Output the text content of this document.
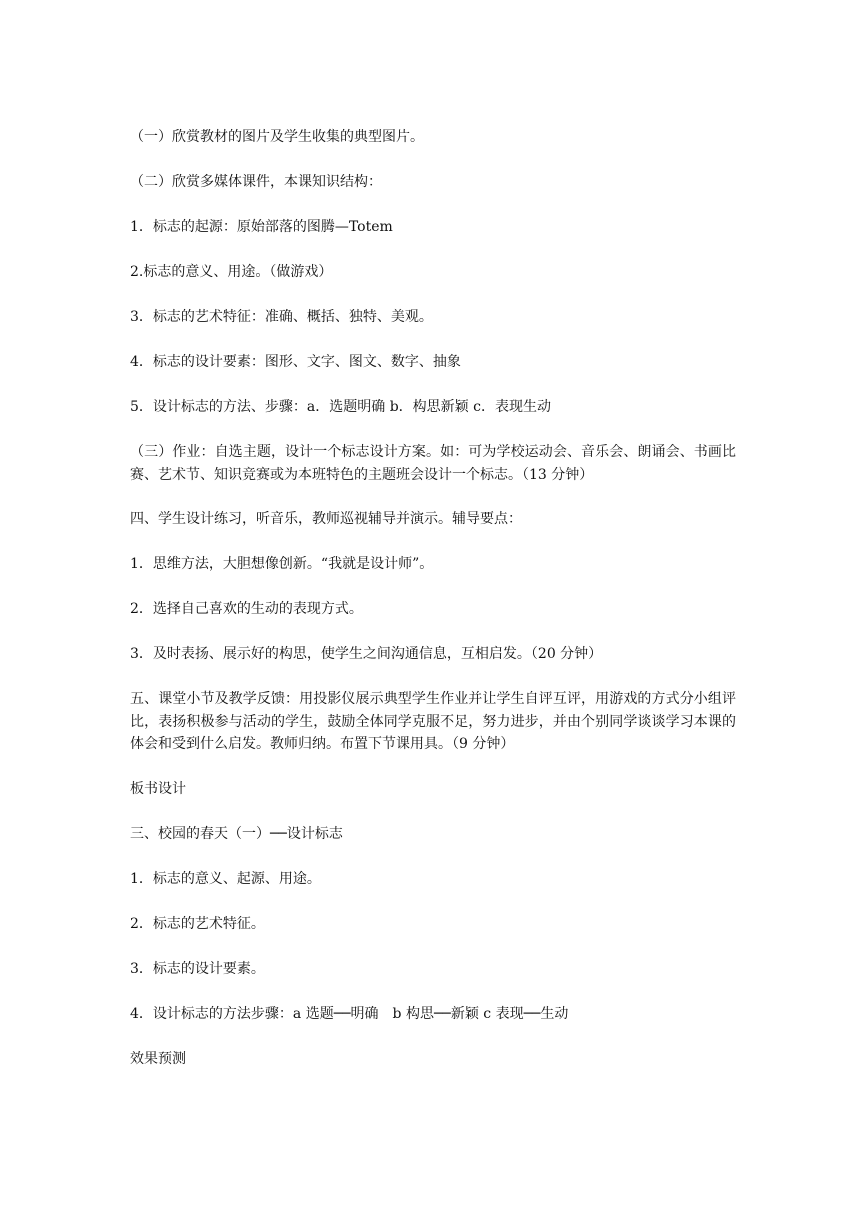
（一）欣赏教材的图片及学生收集的典型图片。

（二）欣赏多媒体课件，本课知识结构：

1．标志的起源：原始部落的图腾—Totem

2.标志的意义、用途。（做游戏）

3．标志的艺术特征：准确、概括、独特、美观。

4．标志的设计要素：图形、文字、图文、数字、抽象

5．设计标志的方法、步骤：a．选题明确 b．构思新颖 c．表现生动

（三）作业：自选主题，设计一个标志设计方案。如：可为学校运动会、音乐会、朗诵会、书画比赛、艺术节、知识竞赛或为本班特色的主题班会设计一个标志。（13 分钟）

四、学生设计练习，听音乐，教师巡视辅导并演示。辅导要点：

1．思维方法，大胆想像创新。“我就是设计师”。

2．选择自己喜欢的生动的表现方式。

3．及时表扬、展示好的构思，使学生之间沟通信息，互相启发。（20 分钟）

五、课堂小节及教学反馈：用投影仪展示典型学生作业并让学生自评互评，用游戏的方式分小组评比，表扬积极参与活动的学生，鼓励全体同学克服不足，努力进步，并由个别同学谈谈学习本课的体会和受到什么启发。教师归纳。布置下节课用具。（9 分钟）

板书设计

三、校园的春天（一）──设计标志

1．标志的意义、起源、用途。

2．标志的艺术特征。

3．标志的设计要素。

4．设计标志的方法步骤：a 选题──明确　b 构思──新颖 c 表现──生动

效果预测
